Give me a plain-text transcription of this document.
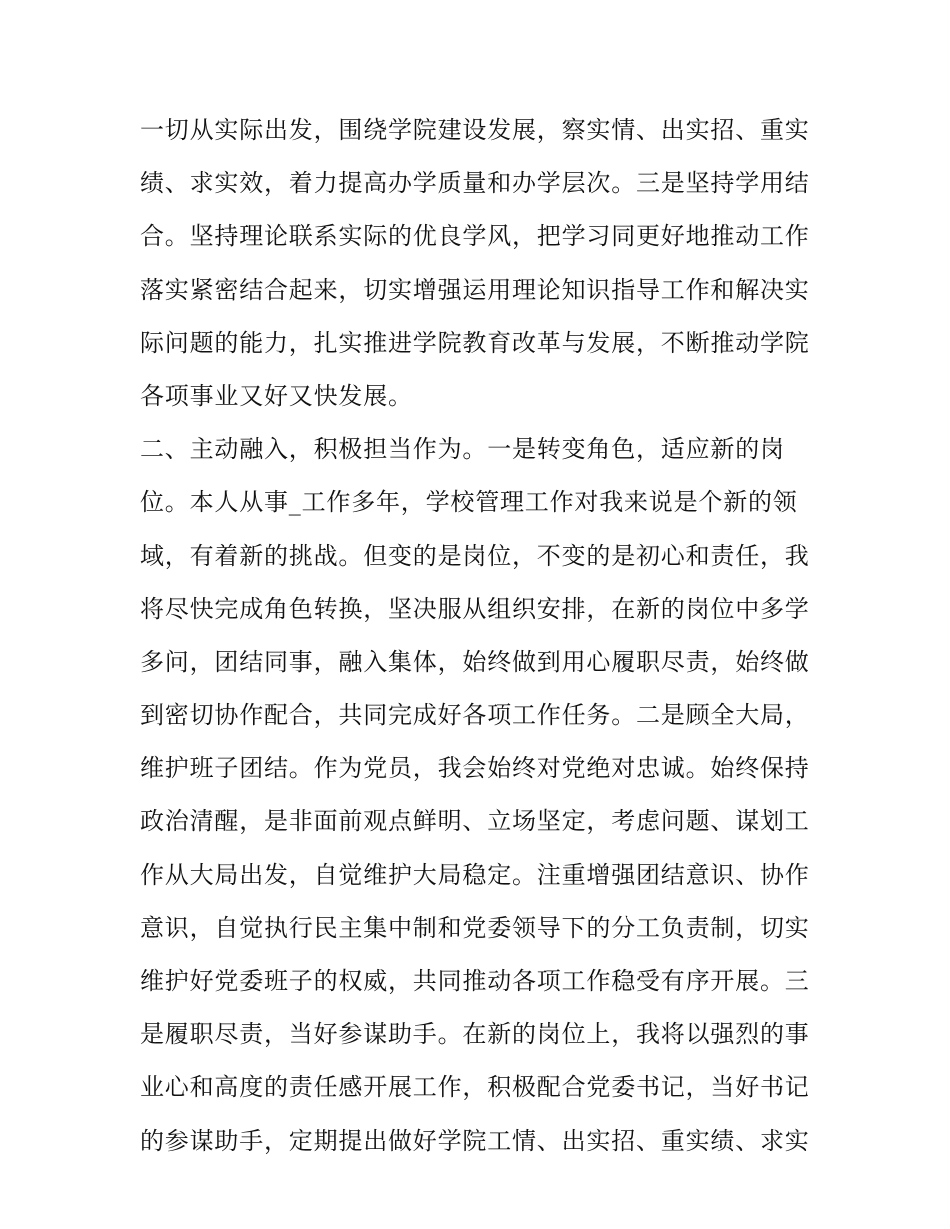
一切从实际出发，围绕学院建设发展，察实情、出实招、重实
绩、求实效，着力提高办学质量和办学层次。三是坚持学用结
合。坚持理论联系实际的优良学风，把学习同更好地推动工作
落实紧密结合起来，切实增强运用理论知识指导工作和解决实
际问题的能力，扎实推进学院教育改革与发展，不断推动学院
各项事业又好又快发展。
二、主动融入，积极担当作为。一是转变角色，适应新的岗
位。本人从事_工作多年，学校管理工作对我来说是个新的领
域，有着新的挑战。但变的是岗位，不变的是初心和责任，我
将尽快完成角色转换，坚决服从组织安排，在新的岗位中多学
多问，团结同事，融入集体，始终做到用心履职尽责，始终做
到密切协作配合，共同完成好各项工作任务。二是顾全大局，
维护班子团结。作为党员，我会始终对党绝对忠诚。始终保持
政治清醒，是非面前观点鲜明、立场坚定，考虑问题、谋划工
作从大局出发，自觉维护大局稳定。注重增强团结意识、协作
意识，自觉执行民主集中制和党委领导下的分工负责制，切实
维护好党委班子的权威，共同推动各项工作稳受有序开展。三
是履职尽责，当好参谋助手。在新的岗位上，我将以强烈的事
业心和高度的责任感开展工作，积极配合党委书记，当好书记
的参谋助手，定期提出做好学院工情、出实招、重实绩、求实
